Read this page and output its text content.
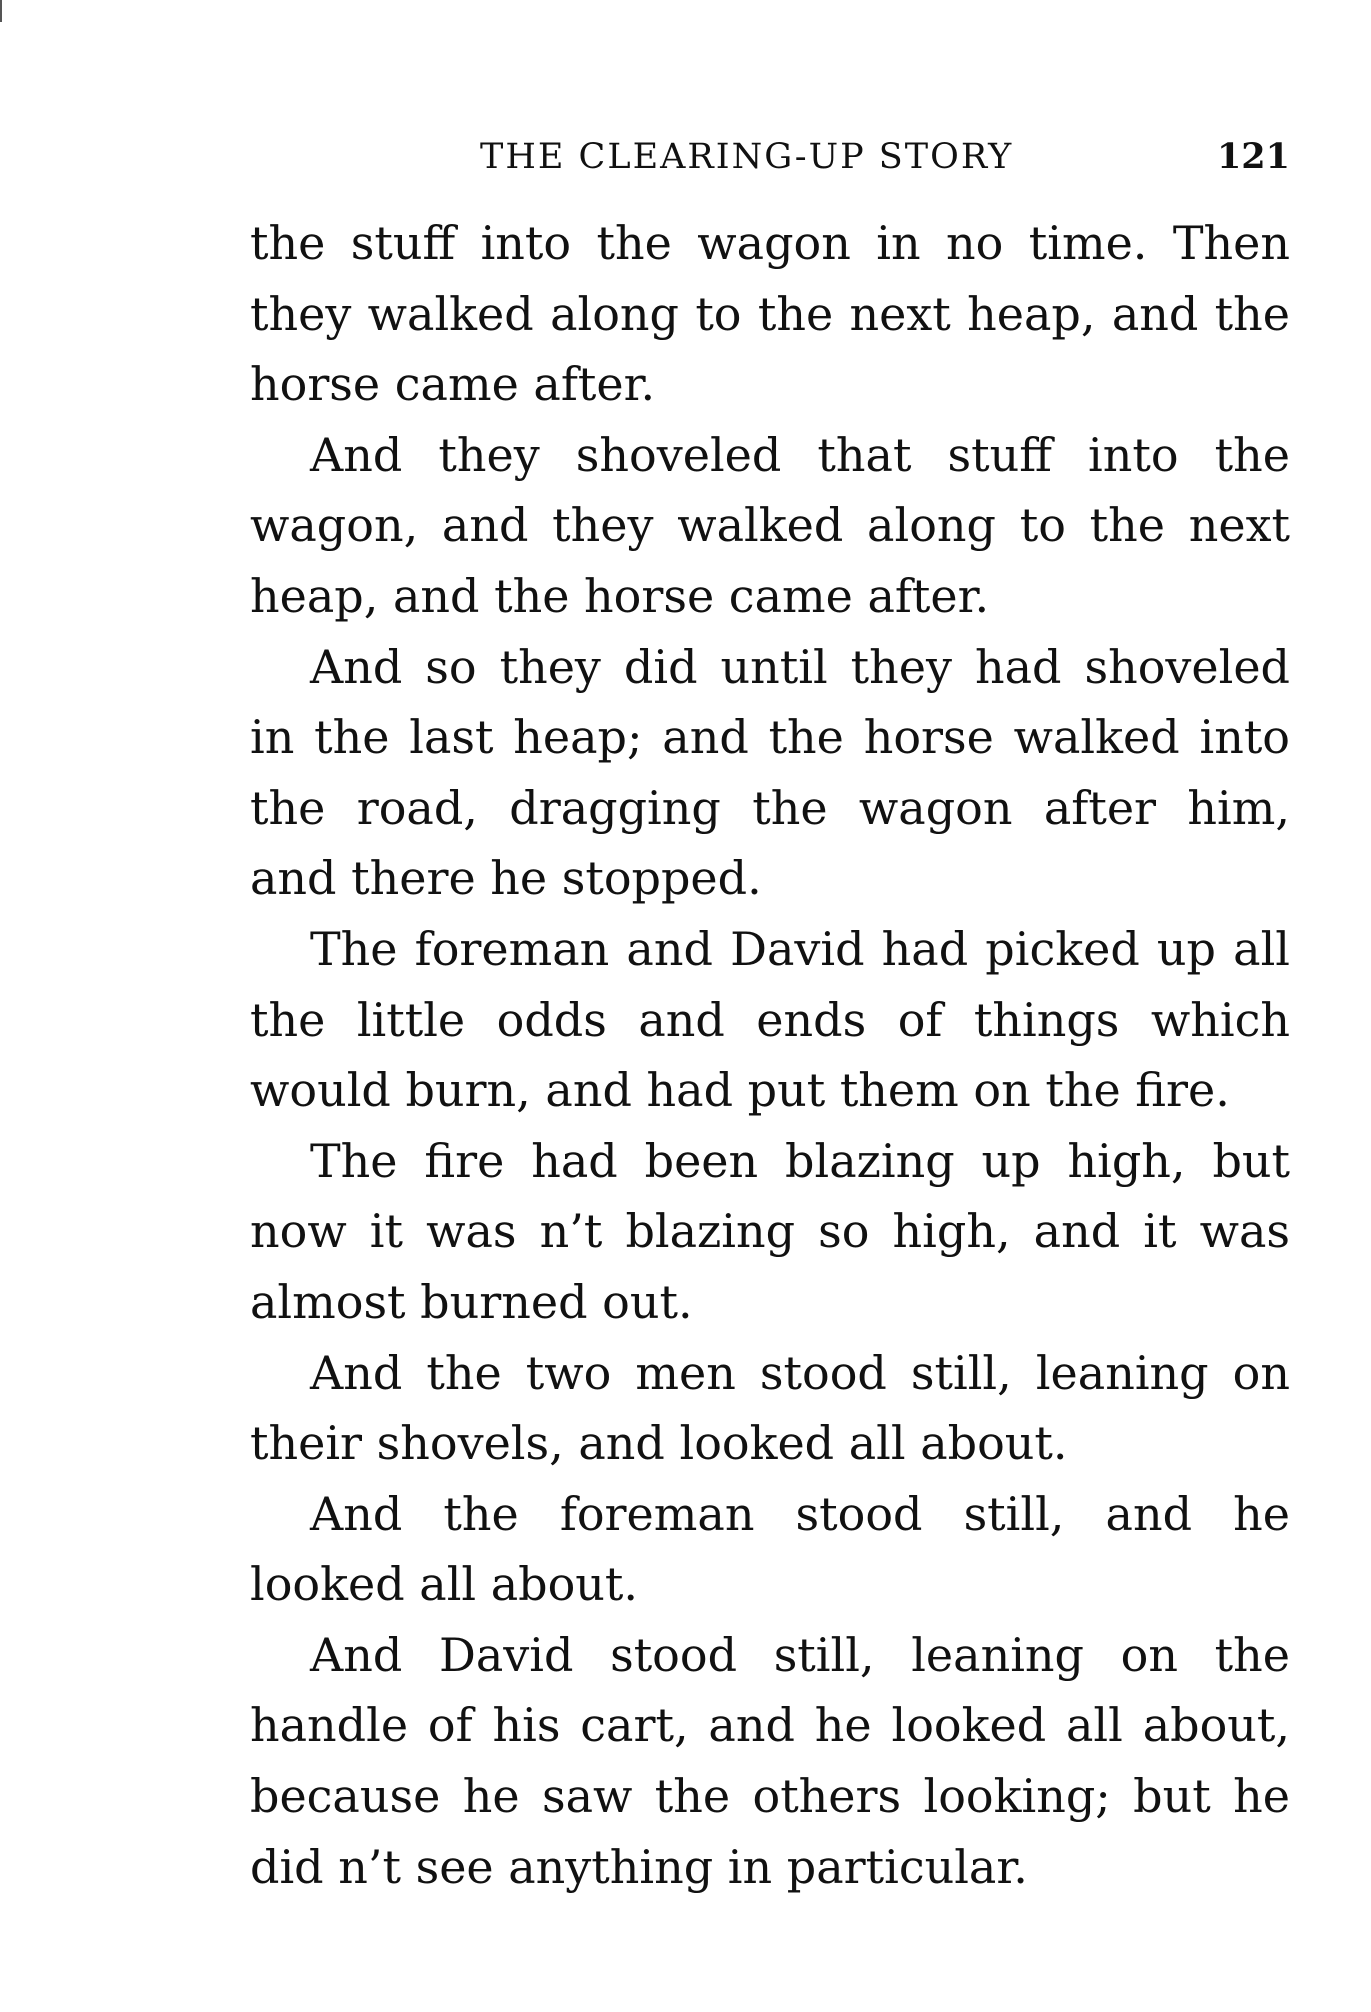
THE CLEARING-UP STORY	121

the stuff into the wagon in no time. Then they walked along to the next heap, and the horse came after.

And they shoveled that stuff into the wagon, and they walked along to the next heap, and the horse came after.

And so they did until they had shoveled in the last heap; and the horse walked into the road, dragging the wagon after him, and there he stopped.

The foreman and David had picked up all the little odds and ends of things which would burn, and had put them on the fire.

The fire had been blazing up high, but now it was n’t blazing so high, and it was almost burned out.

And the two men stood still, leaning on their shovels, and looked all about.

And the foreman stood still, and he looked all about.

And David stood still, leaning on the handle of his cart, and he looked all about, because he saw the others looking; but he did n’t see anything in particular.
